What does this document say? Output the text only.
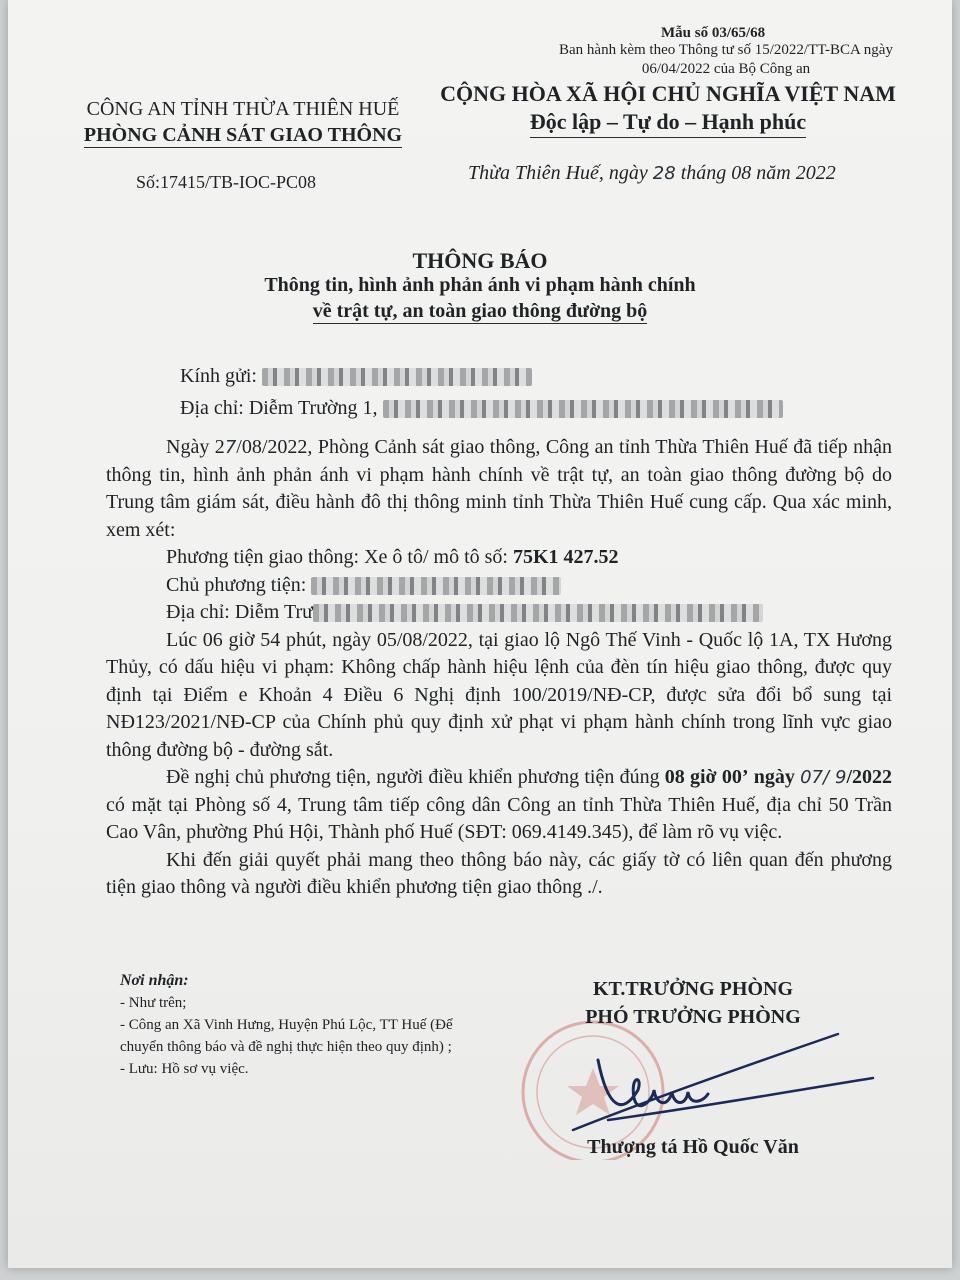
Mẫu số 03/65/68
Ban hành kèm theo Thông tư số 15/2022/TT-BCA ngày 06/04/2022 của Bộ Công an
CÔNG AN TỈNH THỪA THIÊN HUẾ
PHÒNG CẢNH SÁT GIAO THÔNG
CỘNG HÒA XÃ HỘI CHỦ NGHĨA VIỆT NAM
Độc lập – Tự do – Hạnh phúc
Số:17415/TB-IOC-PC08	Thừa Thiên Huế, ngày 28 tháng 08 năm 2022
THÔNG BÁO
Thông tin, hình ảnh phản ánh vi phạm hành chính
về trật tự, an toàn giao thông đường bộ
Kính gửi:
Địa chỉ: Diễm Trường 1,

Ngày 27/08/2022, Phòng Cảnh sát giao thông, Công an tỉnh Thừa Thiên Huế đã tiếp nhận thông tin, hình ảnh phản ánh vi phạm hành chính về trật tự, an toàn giao thông đường bộ do Trung tâm giám sát, điều hành đô thị thông minh tỉnh Thừa Thiên Huế cung cấp. Qua xác minh, xem xét:

Phương tiện giao thông: Xe ô tô/ mô tô số: 75K1 427.52

Chủ phương tiện:

Địa chỉ: Diễm Trư

Lúc 06 giờ 54 phút, ngày 05/08/2022, tại giao lộ Ngô Thế Vinh - Quốc lộ 1A, TX Hương Thủy, có dấu hiệu vi phạm: Không chấp hành hiệu lệnh của đèn tín hiệu giao thông, được quy định tại Điểm e Khoản 4 Điều 6 Nghị định 100/2019/NĐ-CP, được sửa đổi bổ sung tại NĐ123/2021/NĐ-CP của Chính phủ quy định xử phạt vi phạm hành chính trong lĩnh vực giao thông đường bộ - đường sắt.

Đề nghị chủ phương tiện, người điều khiển phương tiện đúng 08 giờ 00’ ngày 07/ 9/2022 có mặt tại Phòng số 4, Trung tâm tiếp công dân Công an tỉnh Thừa Thiên Huế, địa chỉ 50 Trần Cao Vân, phường Phú Hội, Thành phố Huế (SĐT: 069.4149.345), để làm rõ vụ việc.

Khi đến giải quyết phải mang theo thông báo này, các giấy tờ có liên quan đến phương tiện giao thông và người điều khiển phương tiện giao thông ./.

Nơi nhận:
- Như trên;
- Công an Xã Vinh Hưng, Huyện Phú Lộc, TT Huế (Để chuyển thông báo và đề nghị thực hiện theo quy định) ;
- Lưu: Hồ sơ vụ việc.
KT.TRƯỞNG PHÒNG
PHÓ TRƯỞNG PHÒNG
Thượng tá Hồ Quốc Văn
